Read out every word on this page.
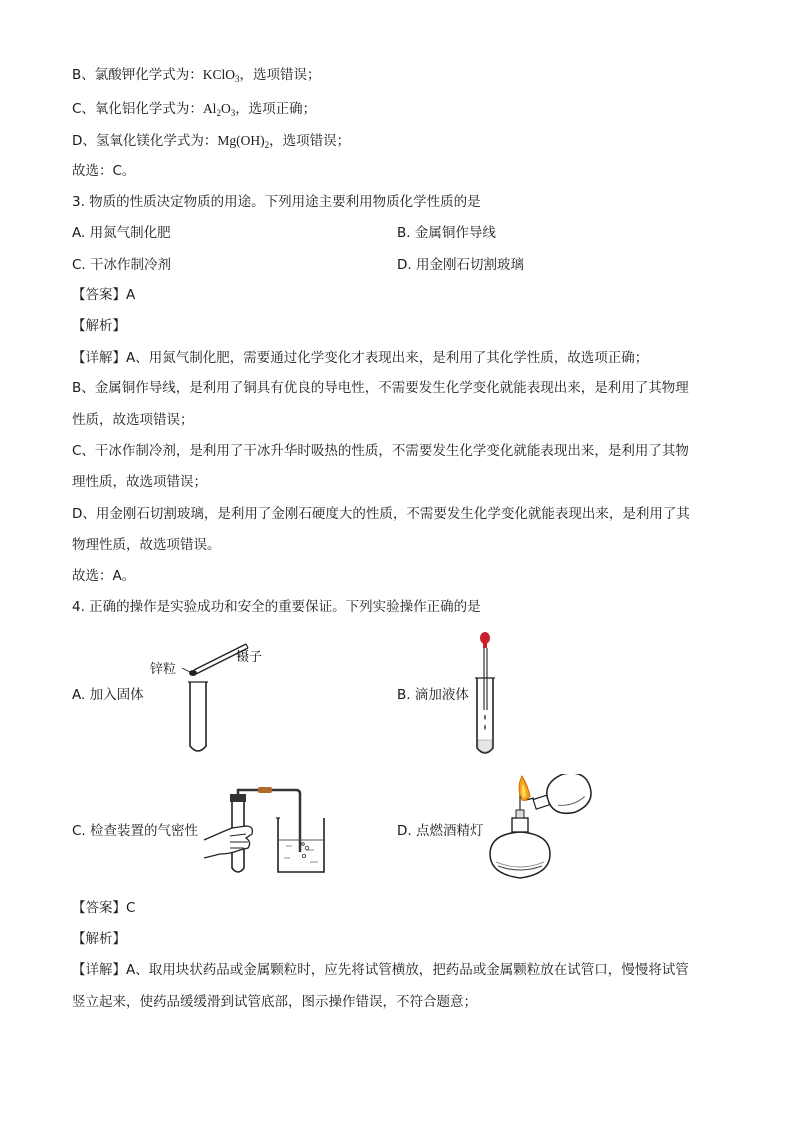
B、氯酸钾化学式为：KClO$_3$，选项错误；
C、氧化铝化学式为：$Al_2O_3$，选项正确；
D、氢氧化镁化学式为：$Mg(OH)_2$，选项错误；
故选：C。
3. 物质的性质决定物质的用途。下列用途主要利用物质化学性质的是
A. 用氮气制化肥	B. 金属铜作导线
C. 干冰作制冷剂	D. 用金刚石切割玻璃
【答案】A
【解析】
【详解】A、用氮气制化肥，需要通过化学变化才表现出来，是利用了其化学性质，故选项正确；
B、金属铜作导线，是利用了铜具有优良的导电性，不需要发生化学变化就能表现出来，是利用了其物理
性质，故选项错误；
C、干冰作制冷剂，是利用了干冰升华时吸热的性质，不需要发生化学变化就能表现出来，是利用了其物
理性质，故选项错误；
D、用金刚石切割玻璃，是利用了金刚石硬度大的性质，不需要发生化学变化就能表现出来，是利用了其
物理性质，故选项错误。
故选：A。
4. 正确的操作是实验成功和安全的重要保证。下列实验操作正确的是
A. 加入固体	B. 滴加液体
C. 检查装置的气密性	D. 点燃酒精灯
锌粒
镊子
【答案】C
【解析】
【详解】A、取用块状药品或金属颗粒时，应先将试管横放，把药品或金属颗粒放在试管口，慢慢将试管
竖立起来，使药品缓缓滑到试管底部，图示操作错误，不符合题意；
